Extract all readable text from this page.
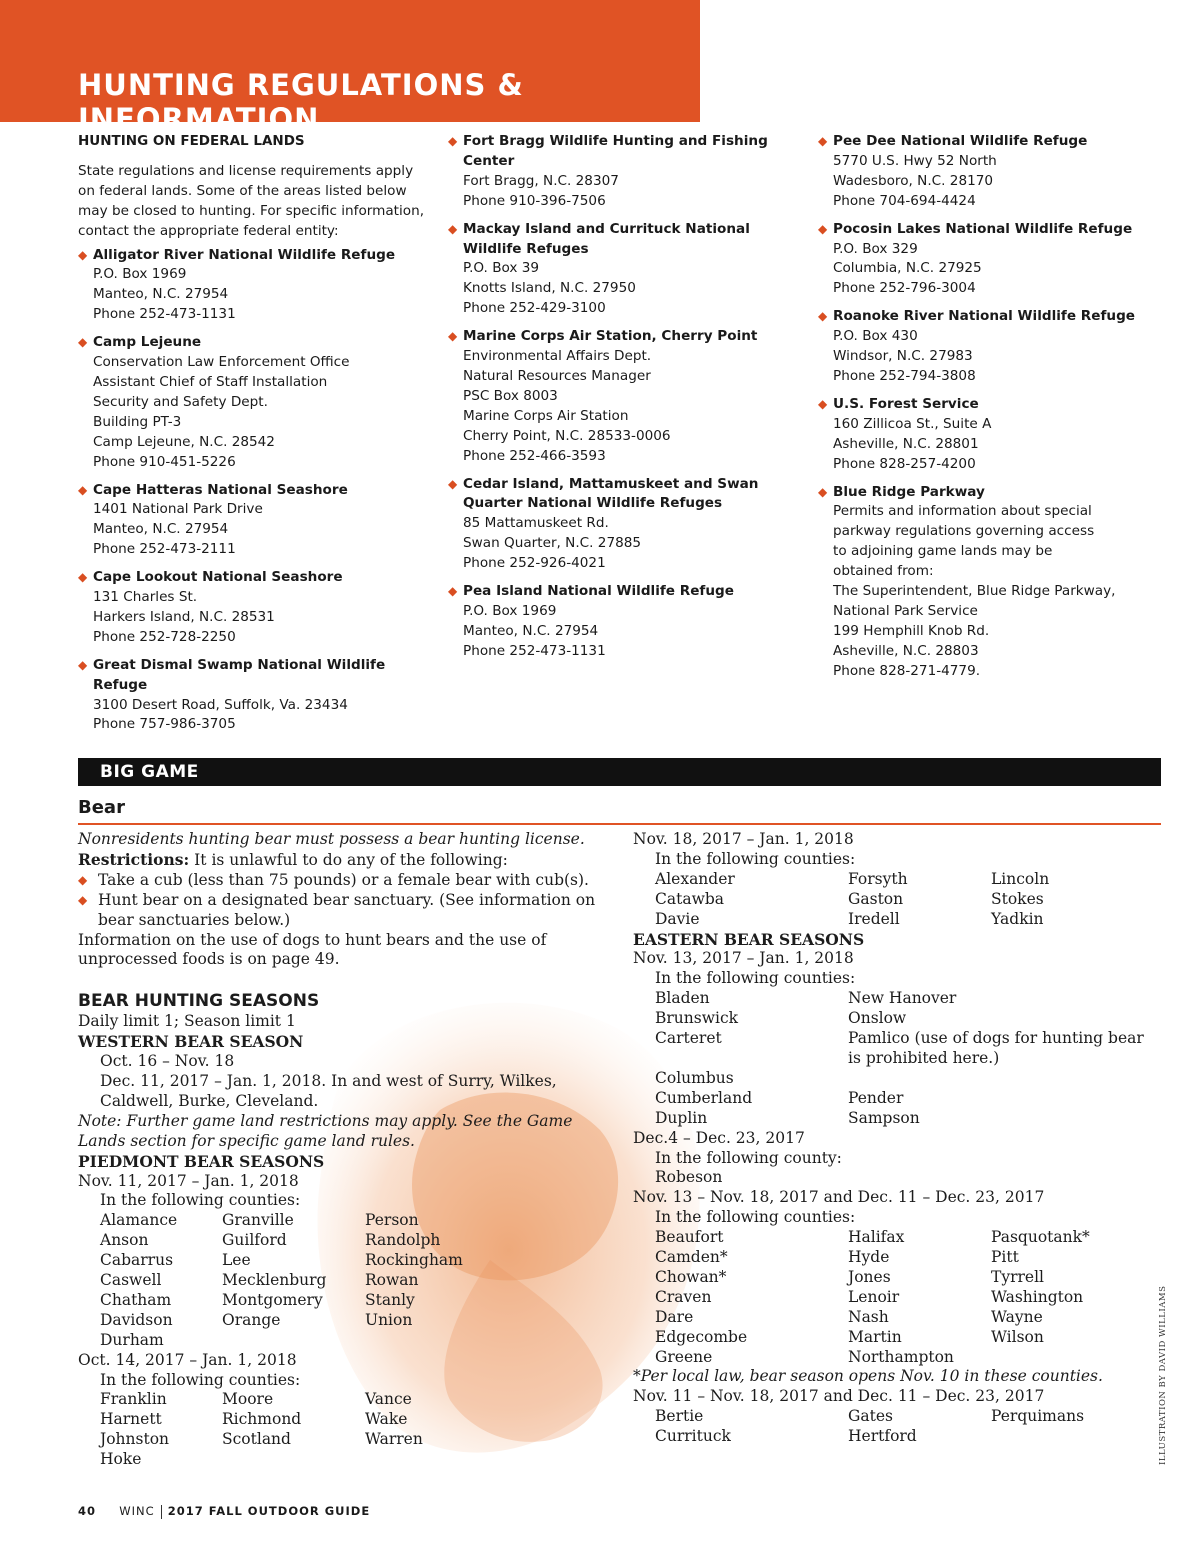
HUNTING REGULATIONS & INFORMATION

HUNTING ON FEDERAL LANDS

State regulations and license requirements apply on federal lands. Some of the areas listed below may be closed to hunting. For specific information, contact the appropriate federal entity:

◆ Alligator River National Wildlife Refuge
P.O. Box 1969
Manteo, N.C. 27954
Phone 252-473-1131
◆ Camp Lejeune
Conservation Law Enforcement Office
Assistant Chief of Staff Installation
Security and Safety Dept.
Building PT-3
Camp Lejeune, N.C. 28542
Phone 910-451-5226
◆ Cape Hatteras National Seashore
1401 National Park Drive
Manteo, N.C. 27954
Phone 252-473-2111
◆ Cape Lookout National Seashore
131 Charles St.
Harkers Island, N.C. 28531
Phone 252-728-2250
◆ Great Dismal Swamp National Wildlife Refuge
3100 Desert Road, Suffolk, Va. 23434
Phone 757-986-3705
◆ Fort Bragg Wildlife Hunting and Fishing Center
Fort Bragg, N.C. 28307
Phone 910-396-7506
◆ Mackay Island and Currituck National Wildlife Refuges
P.O. Box 39
Knotts Island, N.C. 27950
Phone 252-429-3100
◆ Marine Corps Air Station, Cherry Point
Environmental Affairs Dept.
Natural Resources Manager
PSC Box 8003
Marine Corps Air Station
Cherry Point, N.C. 28533-0006
Phone 252-466-3593
◆ Cedar Island, Mattamuskeet and Swan Quarter National Wildlife Refuges
85 Mattamuskeet Rd.
Swan Quarter, N.C. 27885
Phone 252-926-4021
◆ Pea Island National Wildlife Refuge
P.O. Box 1969
Manteo, N.C. 27954
Phone 252-473-1131
◆ Pee Dee National Wildlife Refuge
5770 U.S. Hwy 52 North
Wadesboro, N.C. 28170
Phone 704-694-4424
◆ Pocosin Lakes National Wildlife Refuge
P.O. Box 329
Columbia, N.C. 27925
Phone 252-796-3004
◆ Roanoke River National Wildlife Refuge
P.O. Box 430
Windsor, N.C. 27983
Phone 252-794-3808
◆ U.S. Forest Service
160 Zillicoa St., Suite A
Asheville, N.C. 28801
Phone 828-257-4200
◆ Blue Ridge Parkway
Permits and information about special
parkway regulations governing access
to adjoining game lands may be
obtained from:
The Superintendent, Blue Ridge Parkway,
National Park Service
199 Hemphill Knob Rd.
Asheville, N.C. 28803
Phone 828-271-4779.
BIG GAME
Bear

Nonresidents hunting bear must possess a bear hunting license.

Restrictions: It is unlawful to do any of the following:

◆ Take a cub (less than 75 pounds) or a female bear with cub(s).

◆ Hunt bear on a designated bear sanctuary. (See information on bear sanctuaries below.)

Information on the use of dogs to hunt bears and the use of unprocessed foods is on page 49.

BEAR HUNTING SEASONS

Daily limit 1; Season limit 1

WESTERN BEAR SEASON

Oct. 16 – Nov. 18

Dec. 11, 2017 – Jan. 1, 2018. In and west of Surry, Wilkes, Caldwell, Burke, Cleveland.

Note: Further game land restrictions may apply. See the Game Lands section for specific game land rules.

PIEDMONT BEAR SEASONS

Nov. 11, 2017 – Jan. 1, 2018

In the following counties:

Alamance	Granville	Person
Anson	Guilford	Randolph
Cabarrus	Lee	Rockingham
Caswell	Mecklenburg	Rowan
Chatham	Montgomery	Stanly
Davidson	Orange	Union
Durham

Oct. 14, 2017 – Jan. 1, 2018

In the following counties:

Franklin	Moore	Vance
Harnett	Richmond	Wake
Johnston	Scotland	Warren
Hoke

Nov. 18, 2017 – Jan. 1, 2018

In the following counties:

Alexander	Forsyth	Lincoln
Catawba	Gaston	Stokes
Davie	Iredell	Yadkin

EASTERN BEAR SEASONS

Nov. 13, 2017 – Jan. 1, 2018

In the following counties:

Bladen	New Hanover
Brunswick	Onslow
Carteret	Pamlico (use of dogs for hunting bear is prohibited here.)
Columbus
Cumberland	Pender
Duplin	Sampson

Dec.4 – Dec. 23, 2017

In the following county:

Robeson

Nov. 13 – Nov. 18, 2017 and Dec. 11 – Dec. 23, 2017

In the following counties:

Beaufort	Halifax	Pasquotank*
Camden*	Hyde	Pitt
Chowan*	Jones	Tyrrell
Craven	Lenoir	Washington
Dare	Nash	Wayne
Edgecombe	Martin	Wilson
Greene	Northampton

*Per local law, bear season opens Nov. 10 in these counties.

Nov. 11 – Nov. 18, 2017 and Dec. 11 – Dec. 23, 2017

Bertie	Gates	Perquimans
Currituck	Hertford	ILLUSTRATION BY DAVID WILLIAMS
40 WINC 2017 FALL OUTDOOR GUIDE
